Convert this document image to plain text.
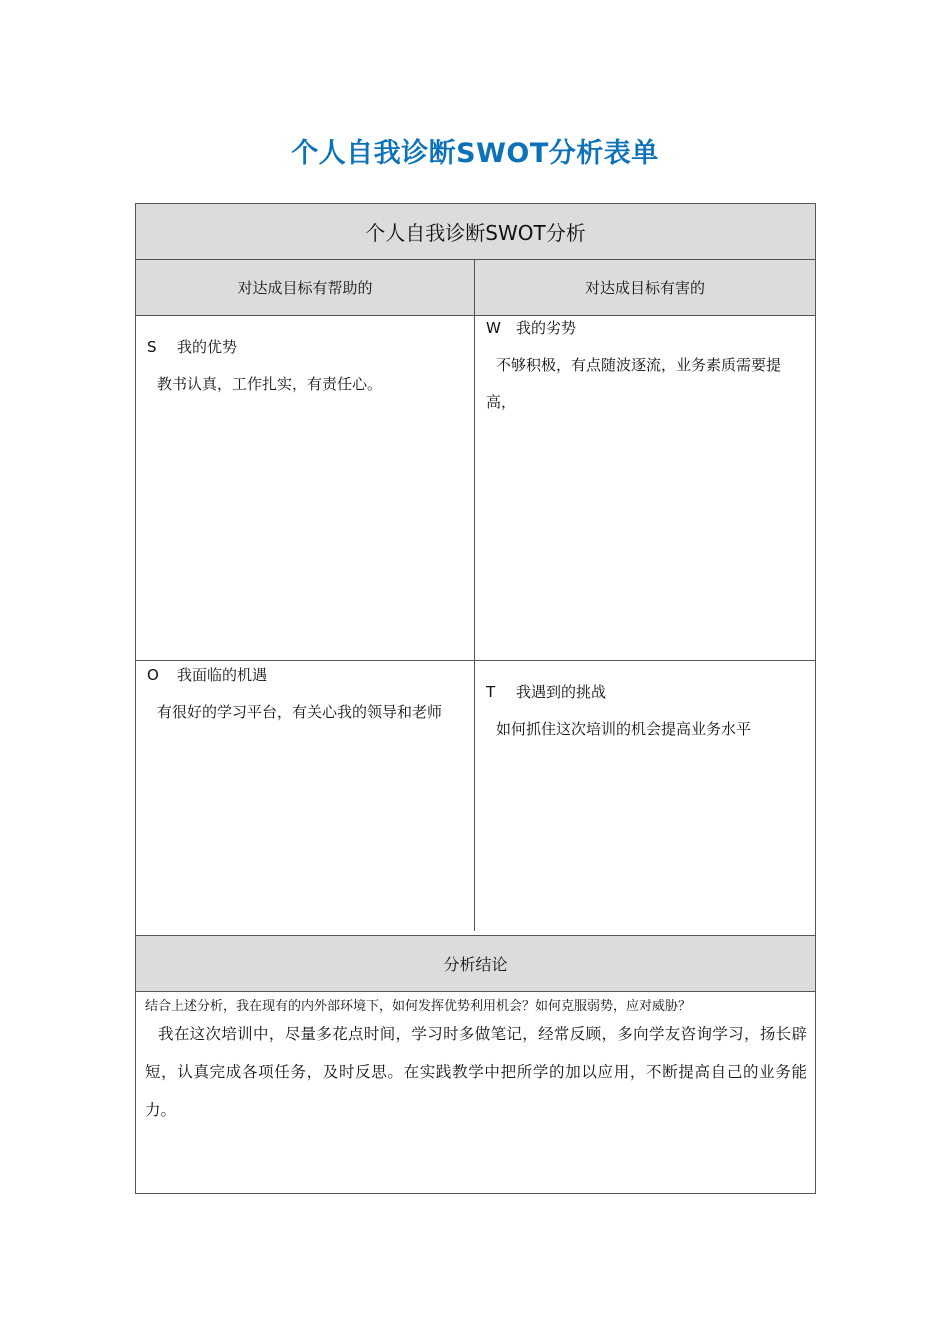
个人自我诊断SWOT分析表单
个人自我诊断SWOT分析
对达成目标有帮助的	对达成目标有害的
S 我的优势
教书认真，工作扎实，有责任心。
W 我的劣势
不够积极，有点随波逐流，业务素质需要提高，
O 我面临的机遇
有很好的学习平台，有关心我的领导和老师
T 我遇到的挑战
如何抓住这次培训的机会提高业务水平
分析结论
结合上述分析，我在现有的内外部环境下，如何发挥优势利用机会？如何克服弱势，应对威胁？
我在这次培训中，尽量多花点时间，学习时多做笔记，经常反顾，多向学友咨询学习，扬长辟短，认真完成各项任务，及时反思。在实践教学中把所学的加以应用，不断提高自己的业务能力。
